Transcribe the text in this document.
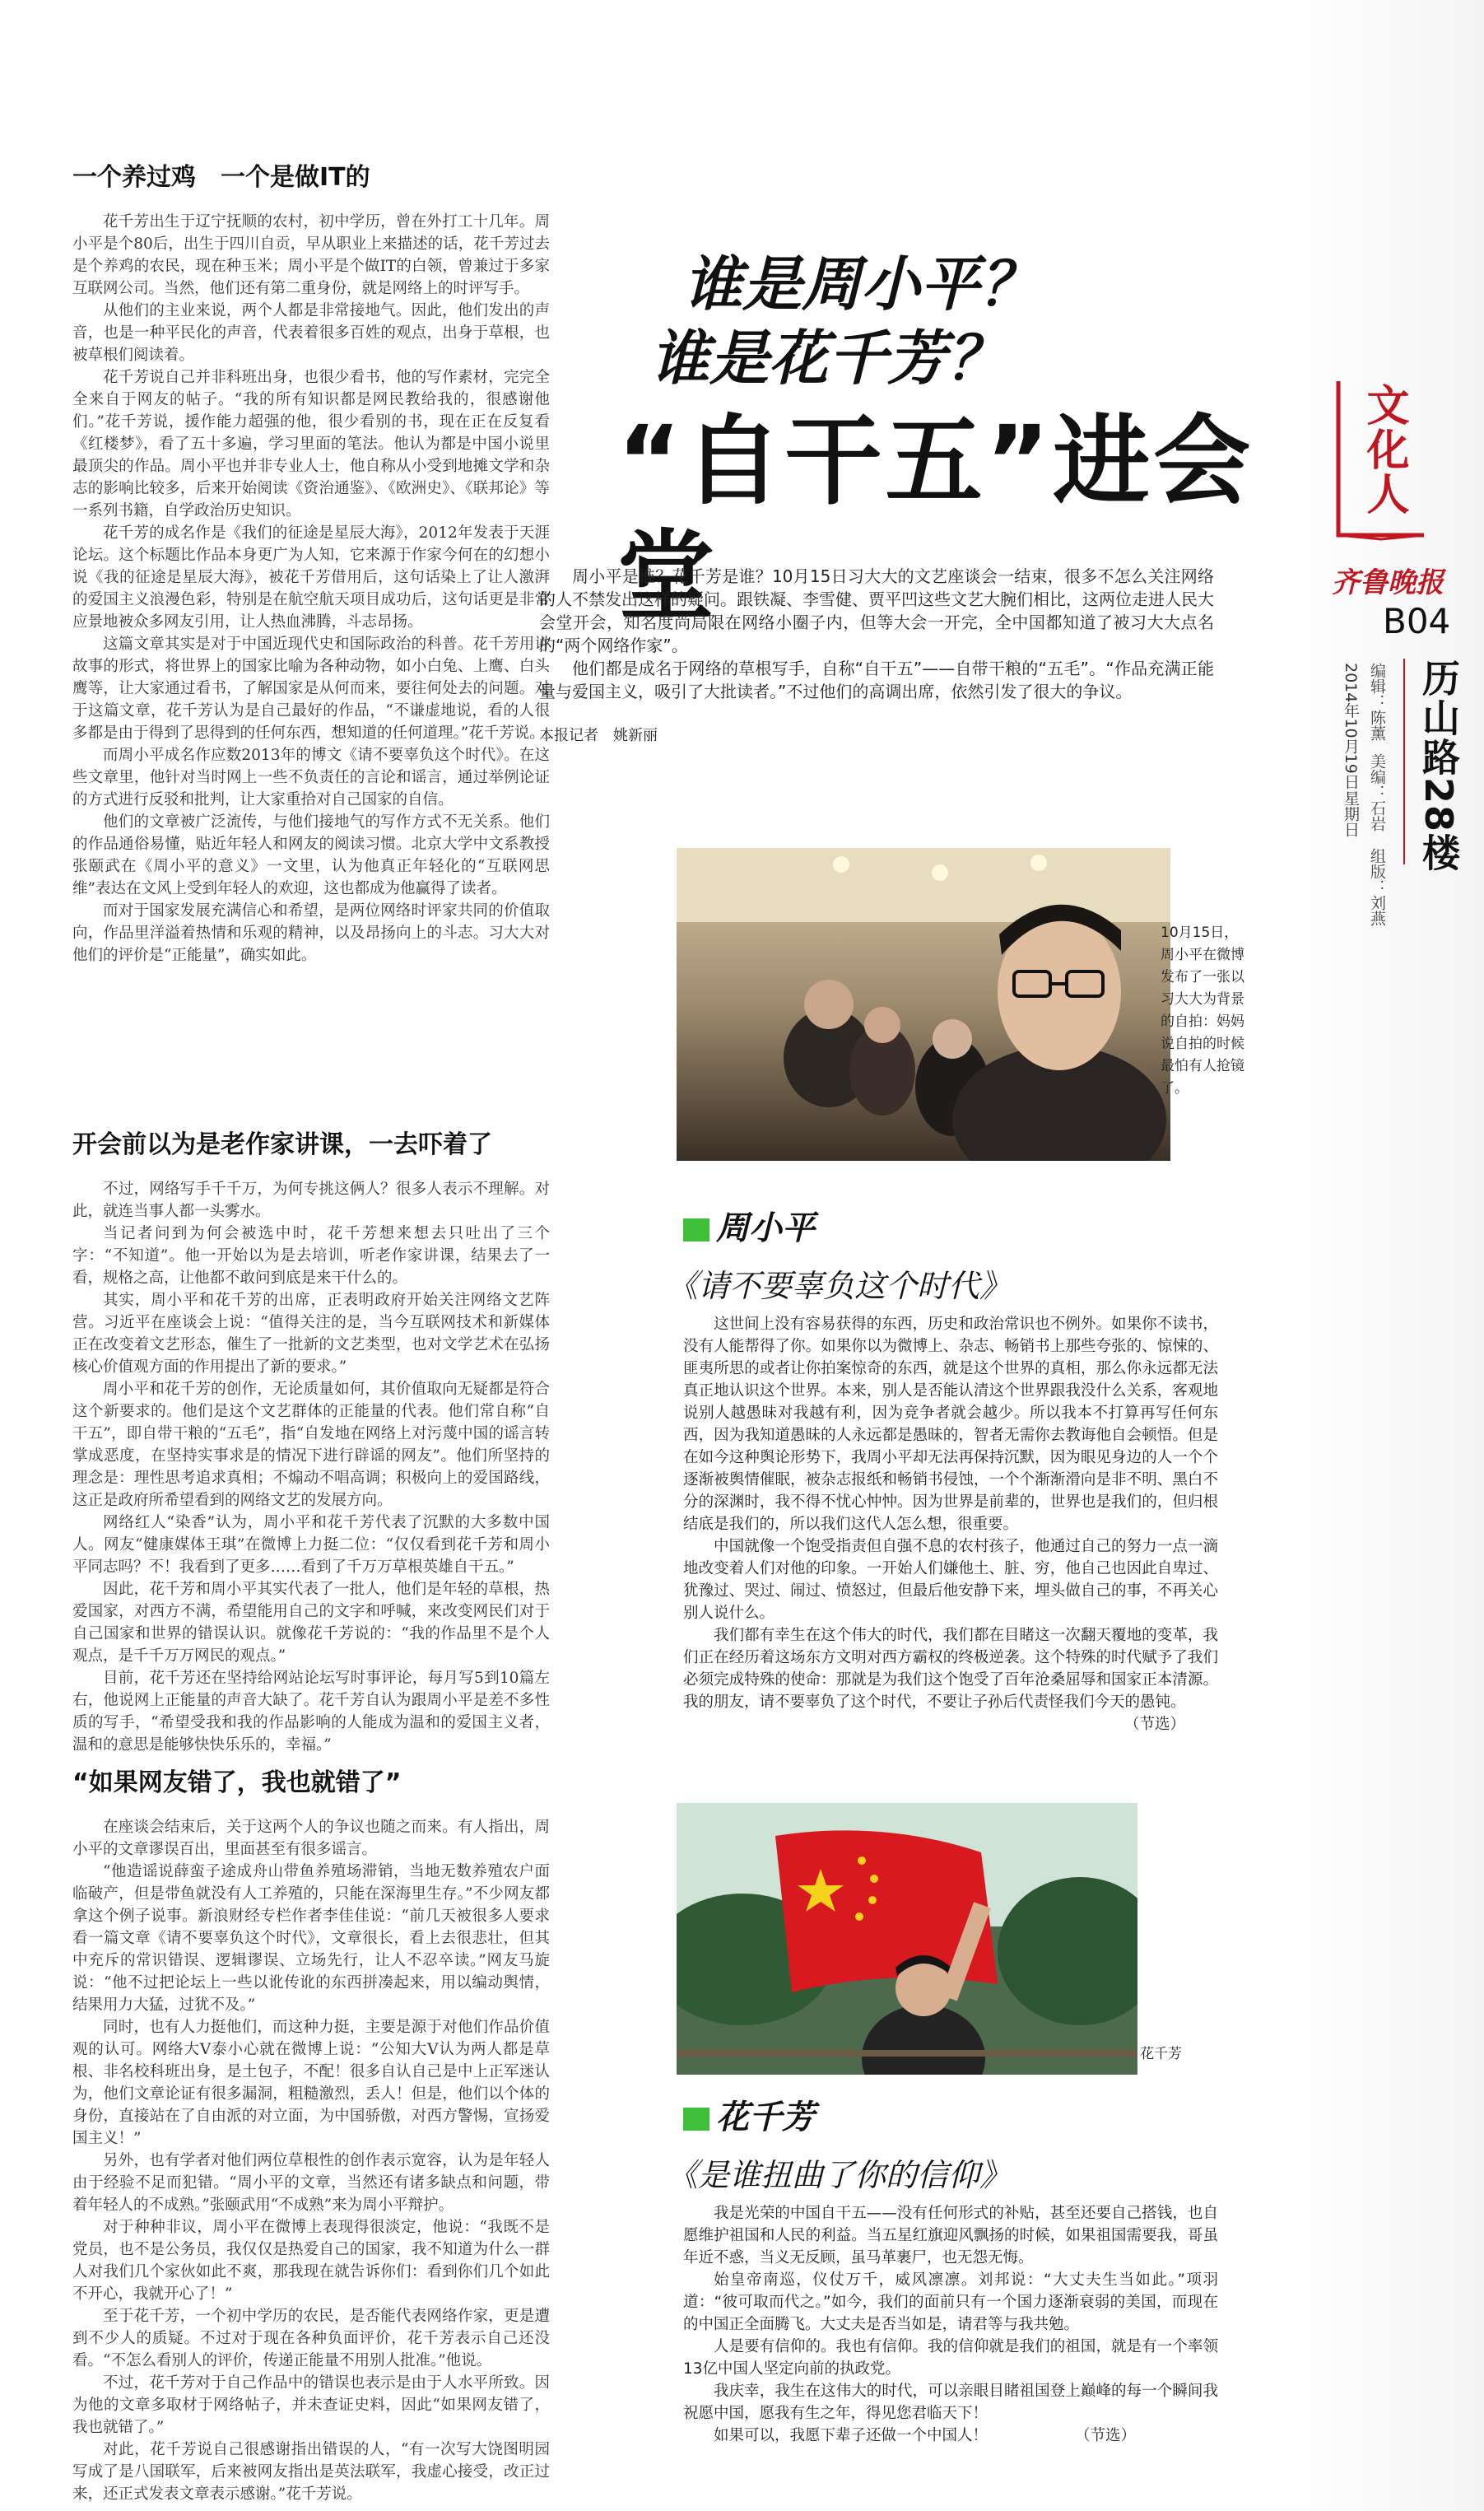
一个养过鸡　一个是做IT的

花千芳出生于辽宁抚顺的农村，初中学历，曾在外打工十几年。周小平是个80后，出生于四川自贡，早从职业上来描述的话，花千芳过去是个养鸡的农民，现在种玉米；周小平是个做IT的白领，曾兼过于多家互联网公司。当然，他们还有第二重身份，就是网络上的时评写手。

从他们的主业来说，两个人都是非常接地气。因此，他们发出的声音，也是一种平民化的声音，代表着很多百姓的观点，出身于草根，也被草根们阅读着。

花千芳说自己并非科班出身，也很少看书，他的写作素材，完完全全来自于网友的帖子。“我的所有知识都是网民教给我的，很感谢他们。”花千芳说，援作能力超强的他，很少看别的书，现在正在反复看《红楼梦》，看了五十多遍，学习里面的笔法。他认为都是中国小说里最顶尖的作品。周小平也并非专业人士，他自称从小受到地摊文学和杂志的影响比较多，后来开始阅读《资治通鉴》、《欧洲史》、《联邦论》等一系列书籍，自学政治历史知识。

花千芳的成名作是《我们的征途是星辰大海》，2012年发表于天涯论坛。这个标题比作品本身更广为人知，它来源于作家今何在的幻想小说《我的征途是星辰大海》，被花千芳借用后，这句话染上了让人激湃的爱国主义浪漫色彩，特别是在航空航天项目成功后，这句话更是非常应景地被众多网友引用，让人热血沸腾，斗志昂扬。

这篇文章其实是对于中国近现代史和国际政治的科普。花千芳用讲故事的形式，将世界上的国家比喻为各种动物，如小白兔、上鹰、白头鹰等，让大家通过看书，了解国家是从何而来，要往何处去的问题。对于这篇文章，花千芳认为是自己最好的作品，“不谦虚地说，看的人很多都是由于得到了思得到的任何东西，想知道的任何道理。”花千芳说。

而周小平成名作应数2013年的博文《请不要辜负这个时代》。在这些文章里，他针对当时网上一些不负责任的言论和谣言，通过举例论证的方式进行反驳和批判，让大家重拾对自己国家的自信。

他们的文章被广泛流传，与他们接地气的写作方式不无关系。他们的作品通俗易懂，贴近年轻人和网友的阅读习惯。北京大学中文系教授张颐武在《周小平的意义》一文里，认为他真正年轻化的“互联网思维”表达在文风上受到年轻人的欢迎，这也都成为他赢得了读者。

而对于国家发展充满信心和希望，是两位网络时评家共同的价值取向，作品里洋溢着热情和乐观的精神，以及昂扬向上的斗志。习大大对他们的评价是“正能量”，确实如此。

开会前以为是老作家讲课，一去吓着了

不过，网络写手千千万，为何专挑这俩人？很多人表示不理解。对此，就连当事人都一头雾水。

当记者问到为何会被选中时，花千芳想来想去只吐出了三个字：“不知道”。他一开始以为是去培训，听老作家讲课，结果去了一看，规格之高，让他都不敢问到底是来干什么的。

其实，周小平和花千芳的出席，正表明政府开始关注网络文艺阵营。习近平在座谈会上说：“值得关注的是，当今互联网技术和新媒体正在改变着文艺形态，催生了一批新的文艺类型，也对文学艺术在弘扬核心价值观方面的作用提出了新的要求。”

周小平和花千芳的创作，无论质量如何，其价值取向无疑都是符合这个新要求的。他们是这个文艺群体的正能量的代表。他们常自称“自干五”，即自带干粮的“五毛”，指“自发地在网络上对污蔑中国的谣言转掌成恶度，在坚持实事求是的情况下进行辟谣的网友”。他们所坚持的理念是：理性思考追求真相；不煽动不唱高调；积极向上的爱国路线，这正是政府所希望看到的网络文艺的发展方向。

网络红人“染香”认为，周小平和花千芳代表了沉默的大多数中国人。网友“健康媒体王琪”在微博上力挺二位：“仅仅看到花千芳和周小平同志吗？不！我看到了更多……看到了千万万草根英雄自干五。”

因此，花千芳和周小平其实代表了一批人，他们是年轻的草根，热爱国家，对西方不满，希望能用自己的文字和呼喊，来改变网民们对于自己国家和世界的错误认识。就像花千芳说的：“我的作品里不是个人观点，是千千万万网民的观点。”

目前，花千芳还在坚持给网站论坛写时事评论，每月写5到10篇左右，他说网上正能量的声音大缺了。花千芳自认为跟周小平是差不多性质的写手，“希望受我和我的作品影响的人能成为温和的爱国主义者，温和的意思是能够快快乐乐的，幸福。”

“如果网友错了，我也就错了”

在座谈会结束后，关于这两个人的争议也随之而来。有人指出，周小平的文章谬误百出，里面甚至有很多谣言。

“他造谣说薛蛮子途成舟山带鱼养殖场滞销，当地无数养殖农户面临破产，但是带鱼就没有人工养殖的，只能在深海里生存。”不少网友都拿这个例子说事。新浪财经专栏作者李佳佳说：“前几天被很多人要求看一篇文章《请不要辜负这个时代》，文章很长，看上去很悲壮，但其中充斥的常识错误、逻辑谬误、立场先行，让人不忍卒读。”网友马旋说：“他不过把论坛上一些以讹传讹的东西拼凑起来，用以编动舆情，结果用力大猛，过犹不及。”

同时，也有人力挺他们，而这种力挺，主要是源于对他们作品价值观的认可。网络大V泰小心就在微博上说：“公知大V认为两人都是草根、非名校科班出身，是土包子，不配！很多自认自己是中上正军迷认为，他们文章论证有很多漏洞，粗糙激烈，丢人！但是，他们以个体的身份，直接站在了自由派的对立面，为中国骄傲，对西方警惕，宣扬爱国主义！”

另外，也有学者对他们两位草根性的创作表示宽容，认为是年轻人由于经验不足而犯错。“周小平的文章，当然还有诸多缺点和问题，带着年轻人的不成熟。”张颐武用“不成熟”来为周小平辩护。

对于种种非议，周小平在微博上表现得很淡定，他说：“我既不是党员，也不是公务员，我仅仅是热爱自己的国家，我不知道为什么一群人对我们几个家伙如此不爽，那我现在就告诉你们：看到你们几个如此不开心，我就开心了！”

至于花千芳，一个初中学历的农民，是否能代表网络作家，更是遭到不少人的质疑。不过对于现在各种负面评价，花千芳表示自己还没看。“不怎么看别人的评价，传递正能量不用别人批准。”他说。

不过，花千芳对于自己作品中的错误也表示是由于人水平所致。因为他的文章多取材于网络帖子，并未查证史料，因此“如果网友错了，我也就错了。”

对此，花千芳说自己很感谢指出错误的人，“有一次写大饶图明园写成了是八国联军，后来被网友指出是英法联军，我虚心接受，改正过来，还正式发表文章表示感谢。”花千芳说。

谁是周小平？
谁是花千芳？
“自干五”进会堂

周小平是谁？花千芳是谁？10月15日习大大的文艺座谈会一结束，很多不怎么关注网络的人不禁发出这样的疑问。跟铁凝、李雪健、贾平凹这些文艺大腕们相比，这两位走进人民大会堂开会，知名度尚局限在网络小圈子内，但等大会一开完，全中国都知道了被习大大点名的“两个网络作家”。

他们都是成名于网络的草根写手，自称“自干五”——自带干粮的“五毛”。“作品充满正能量与爱国主义，吸引了大批读者。”不过他们的高调出席，依然引发了很大的争议。

本报记者　姚新丽
10月15日，周小平在微博发布了一张以习大大为背景的自拍：妈妈说自拍的时候最怕有人抢镜了。
周小平
《请不要辜负这个时代》

这世间上没有容易获得的东西，历史和政治常识也不例外。如果你不读书，没有人能帮得了你。如果你以为微博上、杂志、畅销书上那些夸张的、惊悚的、匪夷所思的或者让你拍案惊奇的东西，就是这个世界的真相，那么你永远都无法真正地认识这个世界。本来，别人是否能认清这个世界跟我没什么关系，客观地说别人越愚昧对我越有利，因为竞争者就会越少。所以我本不打算再写任何东西，因为我知道愚昧的人永远都是愚昧的，智者无需你去教诲他自会顿悟。但是在如今这种舆论形势下，我周小平却无法再保持沉默，因为眼见身边的人一个个逐渐被舆情催眠，被杂志报纸和畅销书侵蚀，一个个渐渐滑向是非不明、黑白不分的深渊时，我不得不忧心忡忡。因为世界是前辈的，世界也是我们的，但归根结底是我们的，所以我们这代人怎么想，很重要。

中国就像一个饱受指责但自强不息的农村孩子，他通过自己的努力一点一滴地改变着人们对他的印象。一开始人们嫌他土、脏、穷，他自己也因此自卑过、犹豫过、哭过、闹过、愤怒过，但最后他安静下来，埋头做自己的事，不再关心别人说什么。

我们都有幸生在这个伟大的时代，我们都在目睹这一次翻天覆地的变革，我们正在经历着这场东方文明对西方霸权的终极逆袭。这个特殊的时代赋予了我们必须完成特殊的使命：那就是为我们这个饱受了百年沧桑屈辱和国家正本清源。我的朋友，请不要辜负了这个时代，不要让子孙后代责怪我们今天的愚钝。

（节选）

花千芳
花千芳
《是谁扭曲了你的信仰》

我是光荣的中国自干五——没有任何形式的补贴，甚至还要自己搭钱，也自愿维护祖国和人民的利益。当五星红旗迎风飘扬的时候，如果祖国需要我，哥虽年近不惑，当义无反顾，虽马革裹尸，也无怨无悔。

始皇帝南巡，仪仗万千，威风凛凛。刘邦说：“大丈夫生当如此。”项羽道：“彼可取而代之。”如今，我们的面前只有一个国力逐渐衰弱的美国，而现在的中国正全面腾飞。大丈夫是否当如是，请君等与我共勉。

人是要有信仰的。我也有信仰。我的信仰就是我们的祖国，就是有一个率领13亿中国人坚定向前的执政党。

我庆幸，我生在这伟大的时代，可以亲眼目睹祖国登上巅峰的每一个瞬间我祝愿中国，愿我有生之年，得见您君临天下！

如果可以，我愿下辈子还做一个中国人！	（节选）

文化人
齐鲁晚报
B04
历山路28楼
2014年10月19日
星期日
编辑：陈薰
美编：石岩
组版：刘燕
